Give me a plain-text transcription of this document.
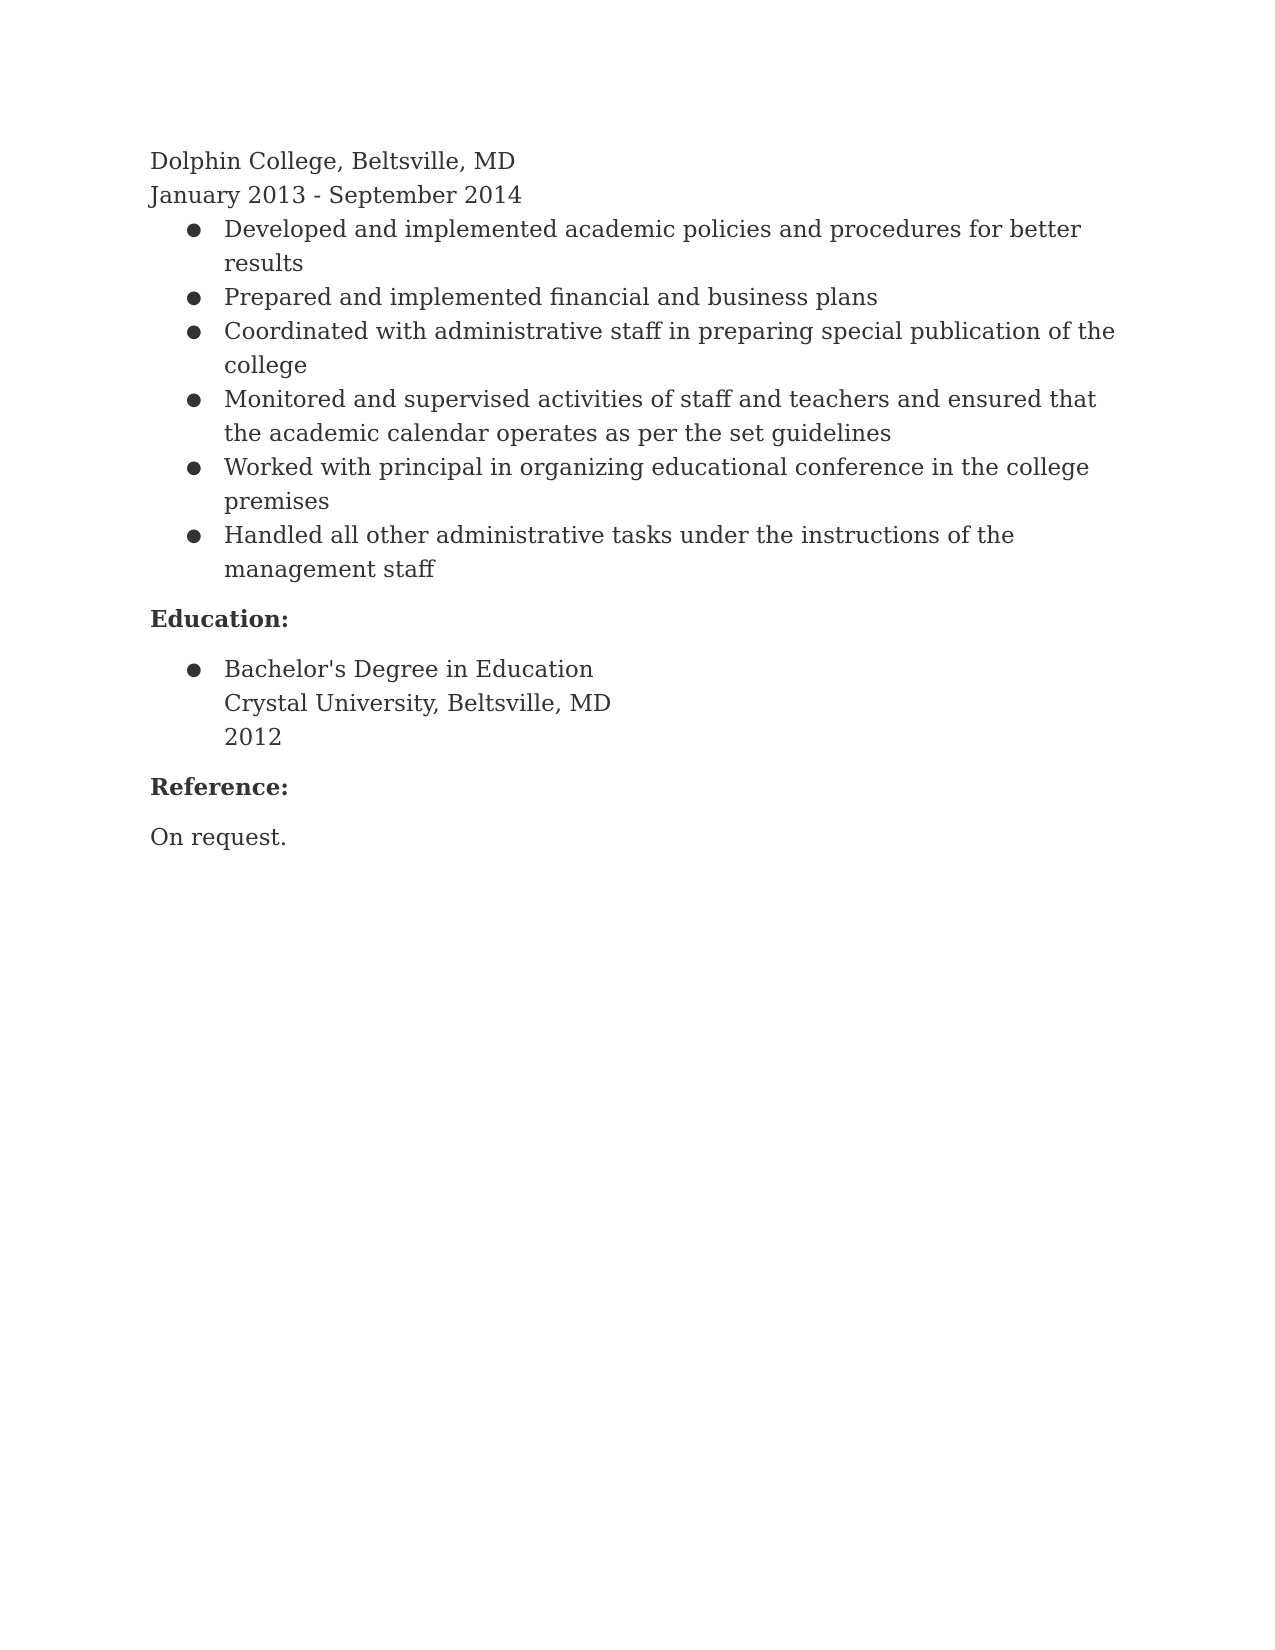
Dolphin College, Beltsville, MD
January 2013 - September 2014
● Developed and implemented academic policies and procedures for better results
● Prepared and implemented financial and business plans
● Coordinated with administrative staff in preparing special publication of the college
● Monitored and supervised activities of staff and teachers and ensured that the academic calendar operates as per the set guidelines
● Worked with principal in organizing educational conference in the college premises
● Handled all other administrative tasks under the instructions of the management staff
Education:
● Bachelor's Degree in Education
Crystal University, Beltsville, MD
2012
Reference:
On request.
